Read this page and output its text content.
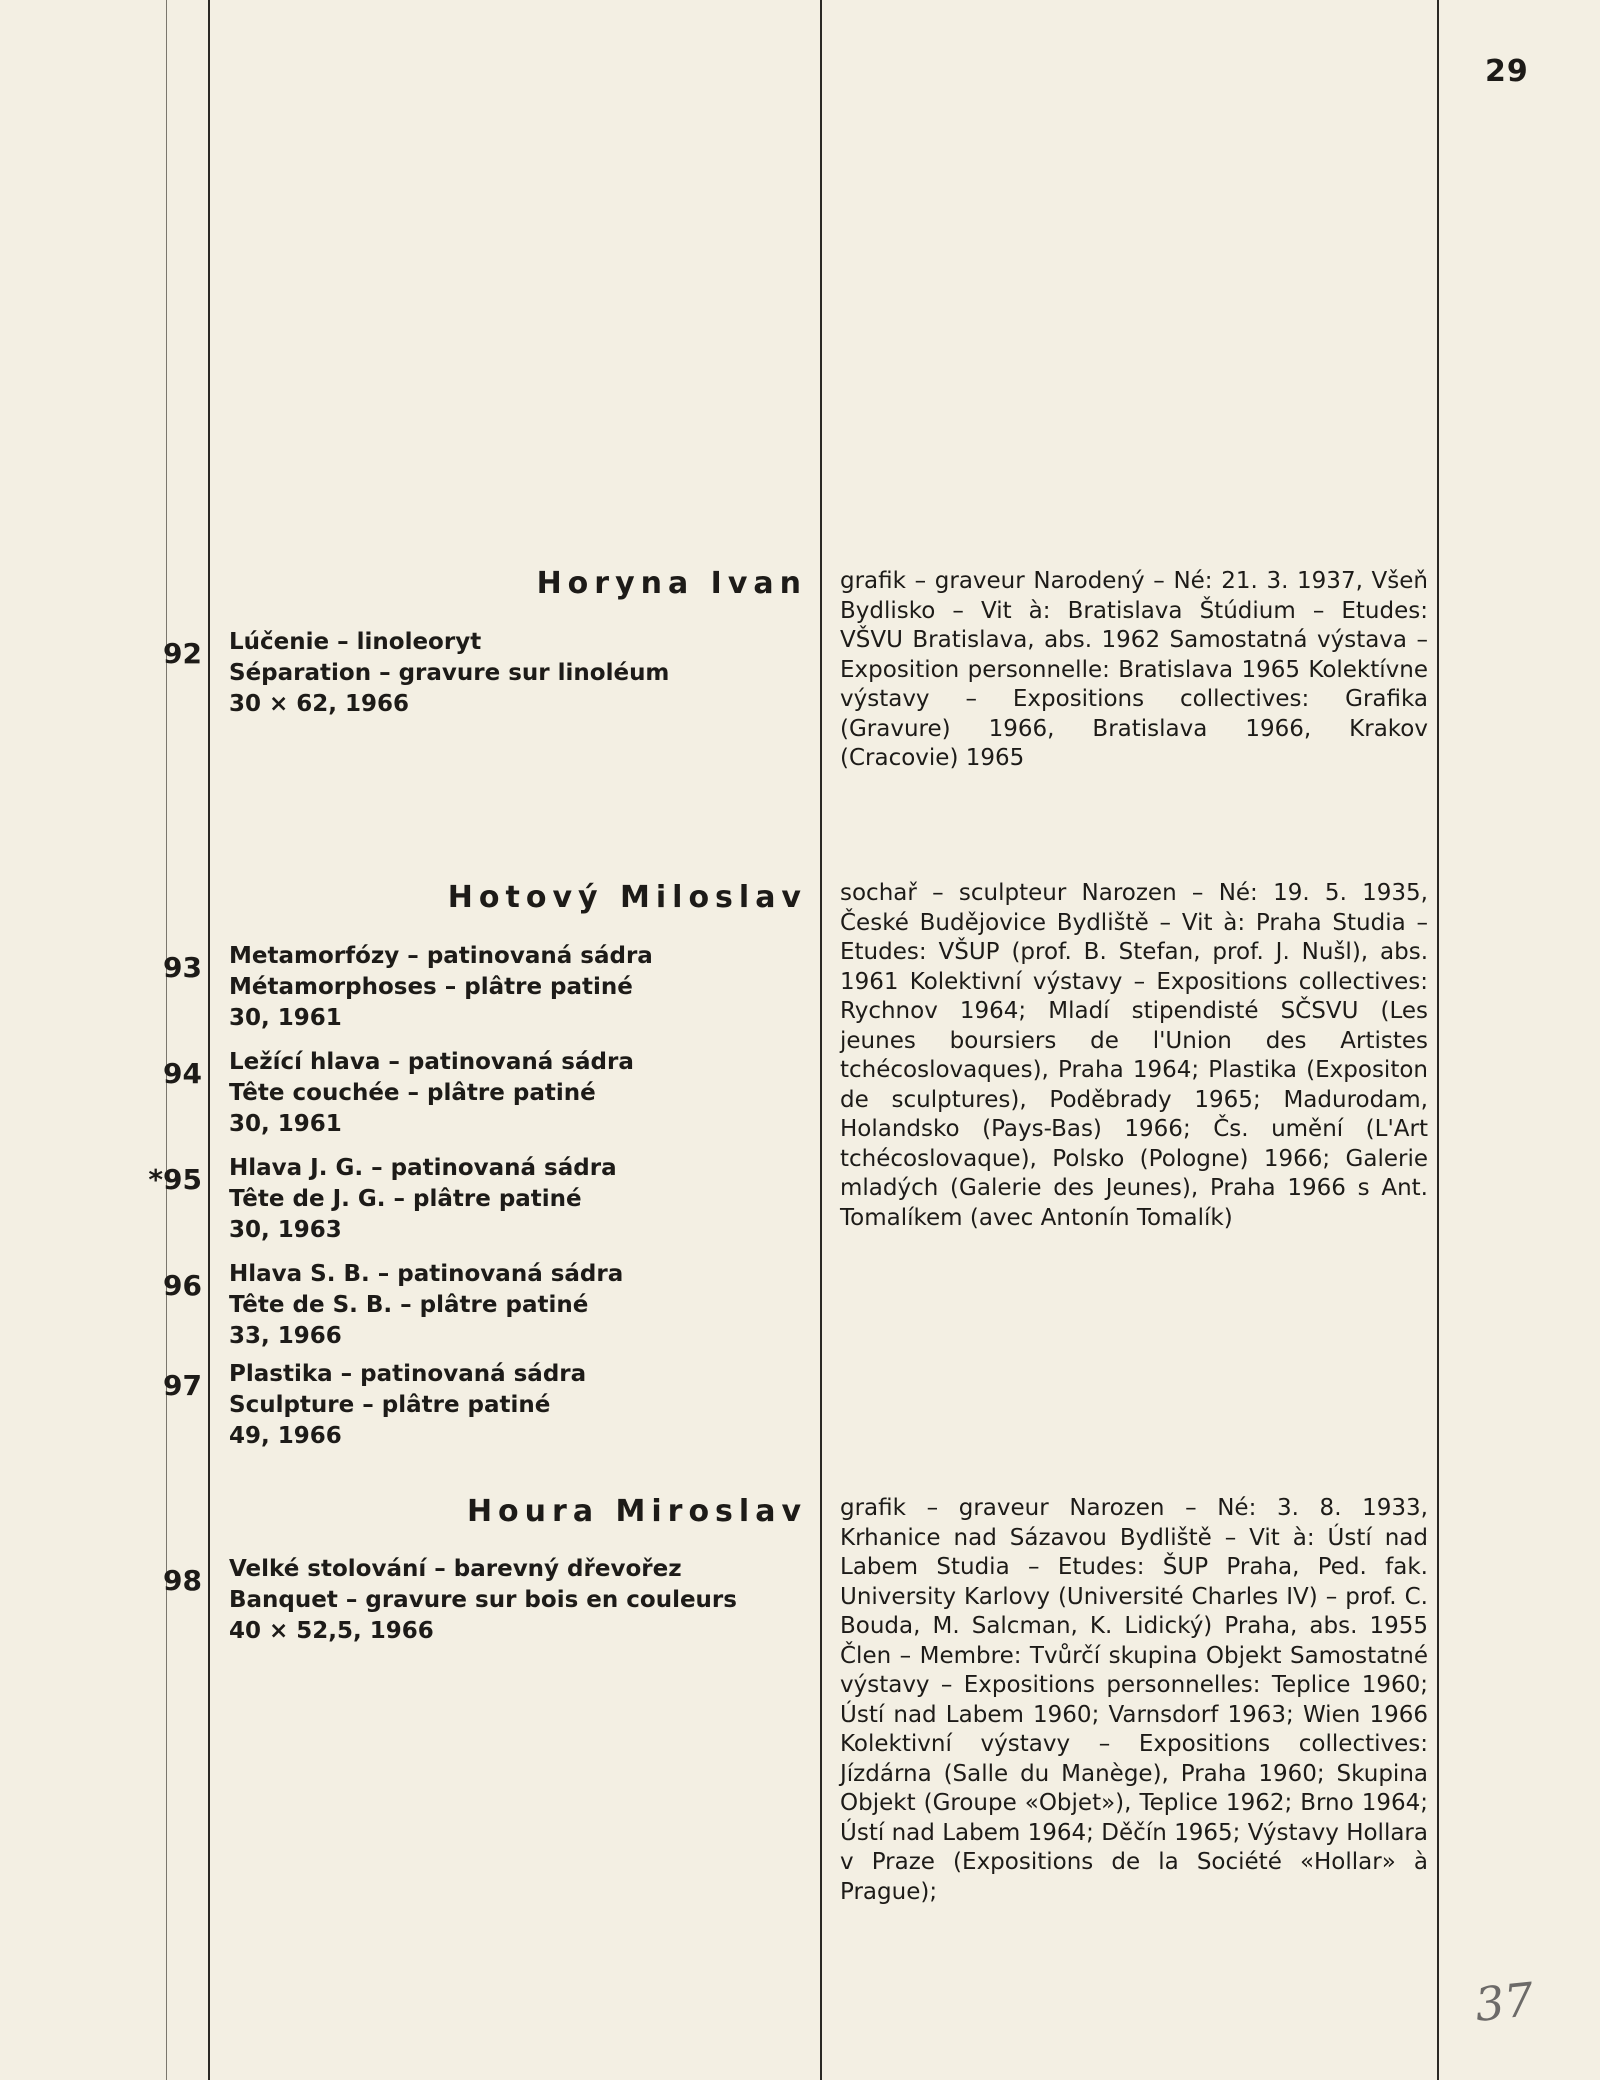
29
Horyna Ivan
92 Lúčenie – linoleoryt
Séparation – gravure sur linoléum
30 × 62, 1966

grafik – graveur Narodený – Né: 21. 3. 1937, Všeň Bydlisko – Vit à: Bratislava Štúdium – Etudes: VŠVU Bratislava, abs. 1962 Samostatná výstava – Exposition personnelle: Bratislava 1965 Kolektívne výstavy – Expositions collectives: Grafika (Gravure) 1966, Bratislava 1966, Krakov (Cracovie) 1965

Hotový Miloslav
93 Metamorfózy – patinovaná sádra
Métamorphoses – plâtre patiné
30, 1961
94 Ležící hlava – patinovaná sádra
Tête couchée – plâtre patiné
30, 1961
*95 Hlava J. G. – patinovaná sádra
Tête de J. G. – plâtre patiné
30, 1963
96 Hlava S. B. – patinovaná sádra
Tête de S. B. – plâtre patiné
33, 1966
97 Plastika – patinovaná sádra
Sculpture – plâtre patiné
49, 1966

sochař – sculpteur Narozen – Né: 19. 5. 1935, České Budějovice Bydliště – Vit à: Praha Studia – Etudes: VŠUP (prof. B. Stefan, prof. J. Nušl), abs. 1961 Kolektivní výstavy – Expositions collectives: Rychnov 1964; Mladí stipendisté SČSVU (Les jeunes boursiers de l'Union des Artistes tchécoslovaques), Praha 1964; Plastika (Expositon de sculptures), Poděbrady 1965; Madurodam, Holandsko (Pays-Bas) 1966; Čs. umění (L'Art tchécoslovaque), Polsko (Pologne) 1966; Galerie mladých (Galerie des Jeunes), Praha 1966 s Ant. Tomalíkem (avec Antonín Tomalík)

Houra Miroslav
98 Velké stolování – barevný dřevořez
Banquet – gravure sur bois en couleurs
40 × 52,5, 1966

grafik – graveur Narozen – Né: 3. 8. 1933, Krhanice nad Sázavou Bydliště – Vit à: Ústí nad Labem Studia – Etudes: ŠUP Praha, Ped. fak. University Karlovy (Université Charles IV) – prof. C. Bouda, M. Salcman, K. Lidický) Praha, abs. 1955 Člen – Membre: Tvůrčí skupina Objekt Samostatné výstavy – Expositions personnelles: Teplice 1960; Ústí nad Labem 1960; Varnsdorf 1963; Wien 1966 Kolektivní výstavy – Expositions collectives: Jízdárna (Salle du Manège), Praha 1960; Skupina Objekt (Groupe «Objet»), Teplice 1962; Brno 1964; Ústí nad Labem 1964; Děčín 1965; Výstavy Hollara v Praze (Expositions de la Société «Hollar» à Prague);

37
